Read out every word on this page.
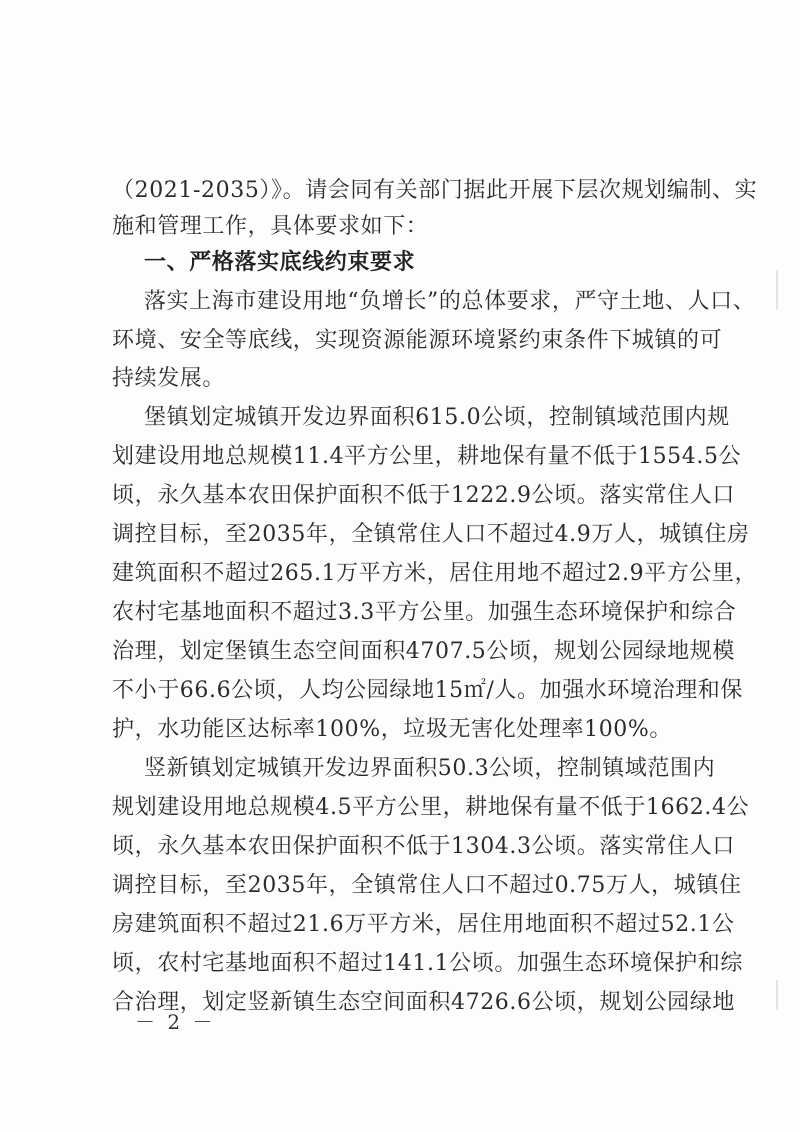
（2021-2035）》。请会同有关部门据此开展下层次规划编制、实
施和管理工作，具体要求如下：
一、严格落实底线约束要求
落实上海市建设用地“负增长”的总体要求，严守土地、人口、
环境、安全等底线，实现资源能源环境紧约束条件下城镇的可
持续发展。
堡镇划定城镇开发边界面积615.0公顷，控制镇域范围内规
划建设用地总规模11.4平方公里，耕地保有量不低于1554.5公
顷，永久基本农田保护面积不低于1222.9公顷。落实常住人口
调控目标，至2035年，全镇常住人口不超过4.9万人，城镇住房
建筑面积不超过265.1万平方米，居住用地不超过2.9平方公里，
农村宅基地面积不超过3.3平方公里。加强生态环境保护和综合
治理，划定堡镇生态空间面积4707.5公顷，规划公园绿地规模
不小于66.6公顷，人均公园绿地15㎡/人。加强水环境治理和保
护，水功能区达标率100%，垃圾无害化处理率100%。
竖新镇划定城镇开发边界面积50.3公顷，控制镇域范围内
规划建设用地总规模4.5平方公里，耕地保有量不低于1662.4公
顷，永久基本农田保护面积不低于1304.3公顷。落实常住人口
调控目标，至2035年，全镇常住人口不超过0.75万人，城镇住
房建筑面积不超过21.6万平方米，居住用地面积不超过52.1公
顷，农村宅基地面积不超过141.1公顷。加强生态环境保护和综
合治理，划定竖新镇生态空间面积4726.6公顷，规划公园绿地
－ 2 －
